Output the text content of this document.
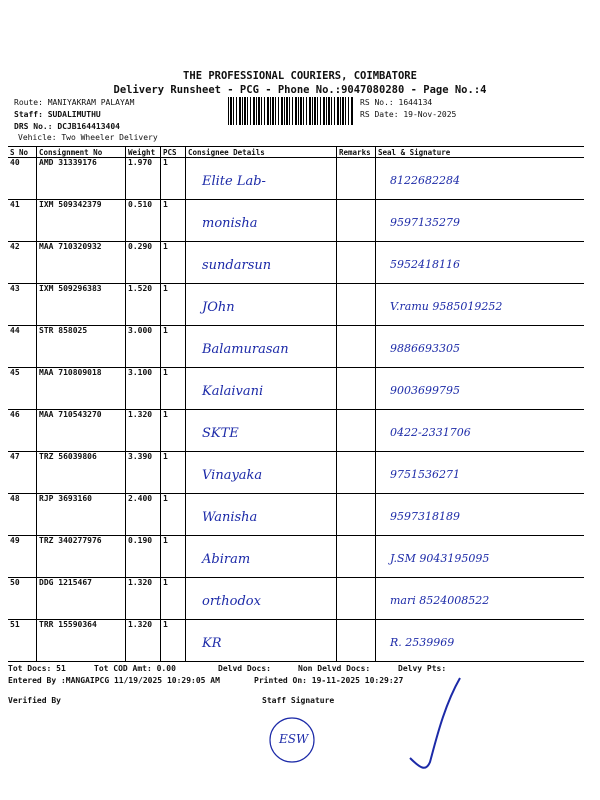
THE PROFESSIONAL COURIERS, COIMBATORE
Delivery Runsheet - PCG - Phone No.:9047080280 - Page No.:4
Route: MANIYAKRAM PALAYAM
Staff: SUDALIMUTHU
DRS No.: DCJB164413404
Vehicle: Two Wheeler Delivery
RS No.: 1644134
RS Date: 19-Nov-2025
S No	Consignment No	Weight	PCS	Consignee Details	Remarks	Seal & Signature
40	AMD 31339176	1.970	1	Elite Lab-		8122682284

41	IXM 509342379	0.510	1	monisha		9597135279

42	MAA 710320932	0.290	1	sundarsun		5952418116

43	IXM 509296383	1.520	1	JOhn		V.ramu 9585019252

44	STR 858025	3.000	1	Balamurasan		9886693305

45	MAA 710809018	3.100	1	Kalaivani		9003699795

46	MAA 710543270	1.320	1	SKTE		0422-2331706

47	TRZ 56039806	3.390	1	Vinayaka		9751536271

48	RJP 3693160	2.400	1	Wanisha		9597318189

49	TRZ 340277976	0.190	1	Abiram		J.SM 9043195095

50	DDG 1215467	1.320	1	orthodox		mari 8524008522

51	TRR 15590364	1.320	1	KR		R. 2539969
Tot Docs: 51	Tot COD Amt: 0.00	Delvd Docs:	Non Delvd Docs:	Delvy Pts:
Entered By :MANGAIPCG 11/19/2025 10:29:05 AM	Printed On: 19-11-2025 10:29:27
Verified By	Staff Signature
ESW
